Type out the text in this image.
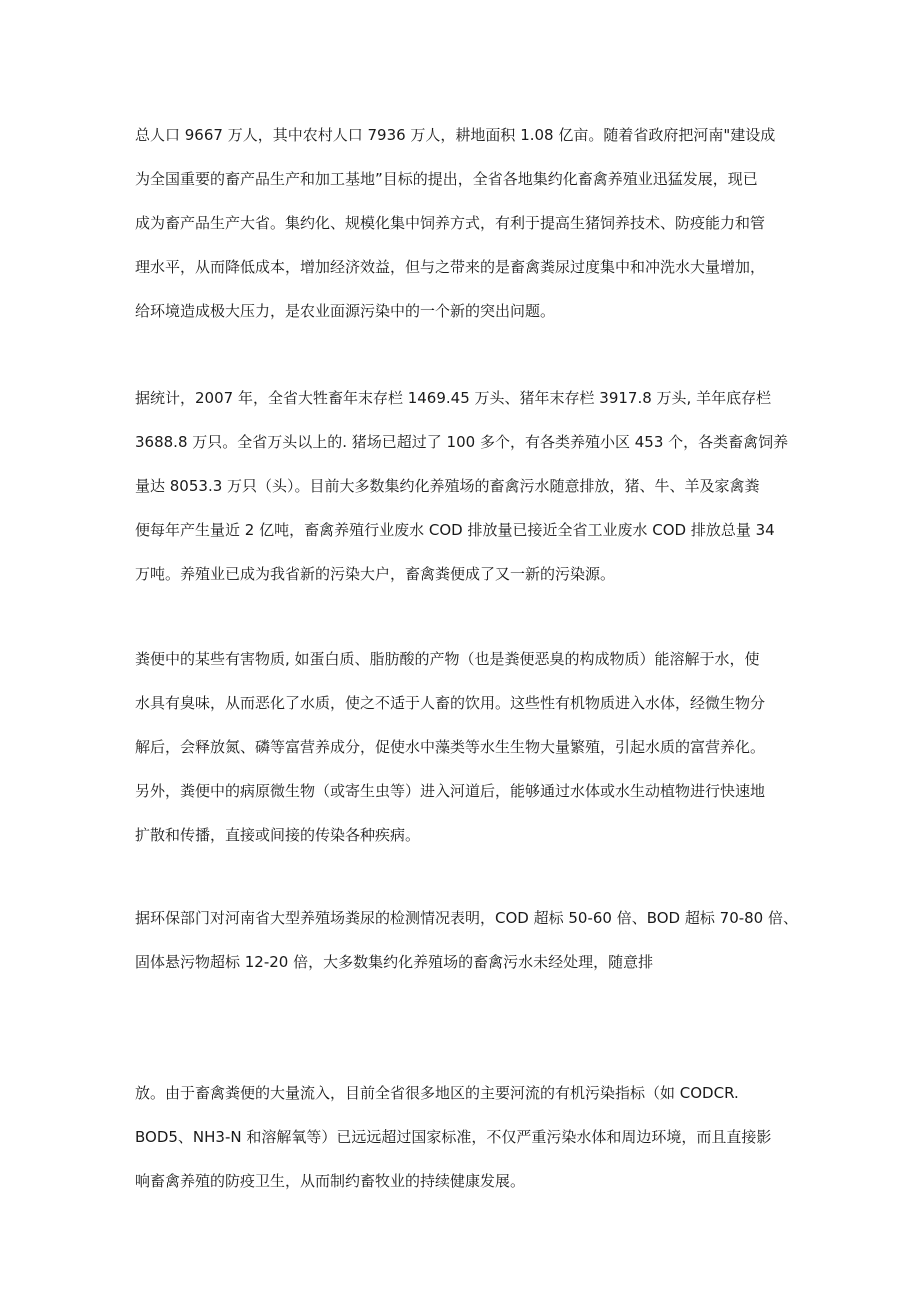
总人口 9667 万人，其中农村人口 7936 万人，耕地面积 1.08 亿亩。随着省政府把河南"建设成
为全国重要的畜产品生产和加工基地”目标的提出，全省各地集约化畜禽养殖业迅猛发展，现已
成为畜产品生产大省。集约化、规模化集中饲养方式，有利于提高生猪饲养技术、防疫能力和管
理水平，从而降低成本，增加经济效益，但与之带来的是畜禽粪尿过度集中和冲洗水大量增加，
给环境造成极大压力，是农业面源污染中的一个新的突出问题。
据统计，2007 年，全省大牲畜年末存栏 1469.45 万头、猪年末存栏 3917.8 万头, 羊年底存栏
3688.8 万只。全省万头以上的. 猪场已超过了 100 多个，有各类养殖小区 453 个，各类畜禽饲养
量达 8053.3 万只（头）。目前大多数集约化养殖场的畜禽污水随意排放，猪、牛、羊及家禽粪
便每年产生量近 2 亿吨，畜禽养殖行业废水 COD 排放量已接近全省工业废水 COD 排放总量 34
万吨。养殖业已成为我省新的污染大户，畜禽粪便成了又一新的污染源。
粪便中的某些有害物质, 如蛋白质、脂肪酸的产物（也是粪便恶臭的构成物质）能溶解于水，使
水具有臭味，从而恶化了水质，使之不适于人畜的饮用。这些性有机物质进入水体，经微生物分
解后，会释放氮、磷等富营养成分，促使水中藻类等水生生物大量繁殖，引起水质的富营养化。
另外，粪便中的病原微生物（或寄生虫等）进入河道后，能够通过水体或水生动植物进行快速地
扩散和传播，直接或间接的传染各种疾病。
据环保部门对河南省大型养殖场粪尿的检测情况表明，COD 超标 50-60 倍、BOD 超标 70-80 倍、
固体悬污物超标 12-20 倍，大多数集约化养殖场的畜禽污水未经处理，随意排
放。由于畜禽粪便的大量流入，目前全省很多地区的主要河流的有机污染指标（如 CODCR.
BOD5、NH3-N 和溶解氧等）已远远超过国家标准，不仅严重污染水体和周边环境，而且直接影
响畜禽养殖的防疫卫生，从而制约畜牧业的持续健康发展。
